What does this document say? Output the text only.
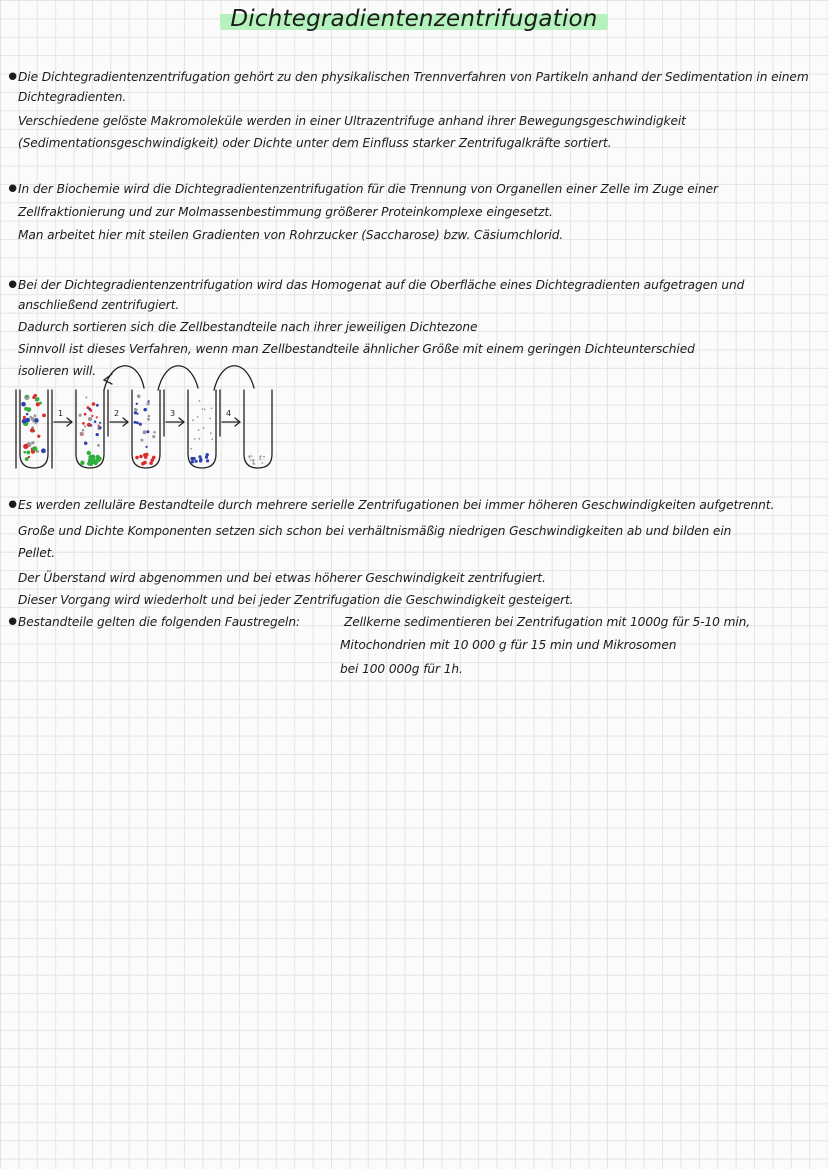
Dichtegradientenzentrifugation
•
Die Dichtegradientenzentrifugation gehört zu den physikalischen Trennverfahren von Partikeln anhand der Sedimentation in einem
Dichtegradienten.
Verschiedene gelöste Makromoleküle werden in einer Ultrazentrifuge anhand ihrer Bewegungsgeschwindigkeit
(Sedimentationsgeschwindigkeit) oder Dichte unter dem Einfluss starker Zentrifugalkräfte sortiert.
•
In der Biochemie wird die Dichtegradientenzentrifugation für die Trennung von Organellen einer Zelle im Zuge einer
Zellfraktionierung und zur Molmassenbestimmung größerer Proteinkomplexe eingesetzt.
Man arbeitet hier mit steilen Gradienten von Rohrzucker (Saccharose) bzw. Cäsiumchlorid.
•
Bei der Dichtegradientenzentrifugation wird das Homogenat auf die Oberfläche eines Dichtegradienten aufgetragen und
anschließend zentrifugiert.
Dadurch sortieren sich die Zellbestandteile nach ihrer jeweiligen Dichtezone
Sinnvoll ist dieses Verfahren, wenn man Zellbestandteile ähnlicher Größe mit einem geringen Dichteunterschied
isolieren will.
1	2	3	4
•
Es werden zelluläre Bestandteile durch mehrere serielle Zentrifugationen bei immer höheren Geschwindigkeiten aufgetrennt.
Große und Dichte Komponenten setzen sich schon bei verhältnismäßig niedrigen Geschwindigkeiten ab und bilden ein
Pellet.
Der Überstand wird abgenommen und bei etwas höherer Geschwindigkeit zentrifugiert.
Dieser Vorgang wird wiederholt und bei jeder Zentrifugation die Geschwindigkeit gesteigert.
•
Bestandteile gelten die folgenden Faustregeln:	Zellkerne sedimentieren bei Zentrifugation mit 1000g für 5-10 min,
Mitochondrien mit 10 000 g für 15 min und Mikrosomen
bei 100 000g für 1h.
